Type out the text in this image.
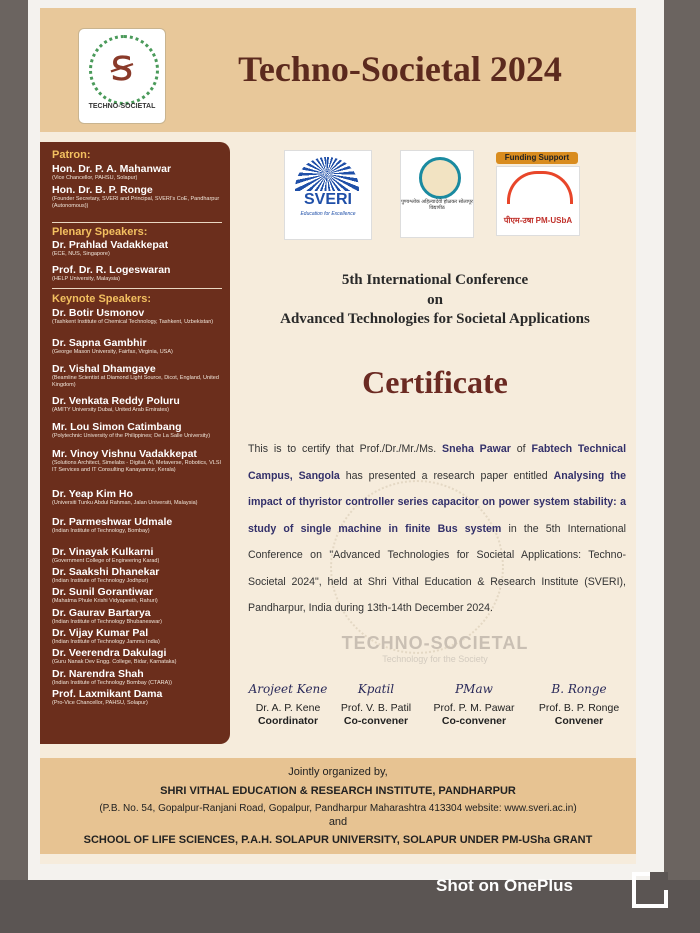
ꞩ
TECHNO-SOCIETAL
Techno-Societal 2024
Patron:
Hon. Dr. P. A. Mahanwar
(Vice Chancellor, PAHSU, Solapur)
Hon. Dr. B. P. Ronge
(Founder Secretary, SVERI and Principal, SVERI's CoE, Pandharpur (Autonomous))
Plenary Speakers:
Dr. Prahlad Vadakkepat
(ECE, NUS, Singapore)
Prof. Dr. R. Logeswaran
(HELP University, Malaysia)
Keynote Speakers:
Dr. Botir Usmonov
(Tashkent Institute of Chemical Technology, Tashkent, Uzbekistan)
Dr. Sapna Gambhir
(George Mason University, Fairfax, Virginia, USA)
Dr. Vishal Dhamgaye
(Beamline Scientist at Diamond Light Source, Dicot, England, United Kingdom)
Dr. Venkata Reddy Poluru
(AMITY University Dubai, United Arab Emirates)
Mr. Lou Simon Catimbang
(Polytechnic University of the Philippines; De La Salle University)
Mr. Vinoy Vishnu Vadakkepat
(Solutions Architect, Simelabs - Digital, AI, Metaverse, Robotics, VLSI IT Services and IT Consulting Kanayannur, Kerala)
Dr. Yeap Kim Ho
(Universiti Tunku Abdul Rahman, Jalan Universiti, Malaysia)
Dr. Parmeshwar Udmale
(Indian Institute of Technology, Bombay)
Dr. Vinayak Kulkarni
(Government College of Engineering Karad)
Dr. Saakshi Dhanekar
(Indian Institute of Technology Jodhpur)
Dr. Sunil Gorantiwar
(Mahatma Phule Krishi Vidyapeeth, Rahuri)
Dr. Gaurav Bartarya
(Indian Institute of Technology Bhubaneswar)
Dr. Vijay Kumar Pal
(Indian Institute of Technology Jammu India)
Dr. Veerendra Dakulagi
(Guru Nanak Dev Engg. College, Bidar, Karnataka)
Dr. Narendra Shah
(Indian Institute of Technology Bombay (CTARA))
Prof. Laxmikant Dama
(Pro-Vice Chancellor, PAHSU, Solapur)
SVERI
Education for Excellence
पुण्यश्लोक अहिल्यादेवी होळकर सोलापूर विद्यापीठ
Funding Support
पीएम-उषा PM-USbA
5th International Conference
on
Advanced Technologies for Societal Applications
Certificate
TECHNO-SOCIETAL
Technology for the Society
This is to certify that Prof./Dr./Mr./Ms. Sneha Pawar of Fabtech Technical Campus, Sangola has presented a research paper entitled Analysing the impact of thyristor controller series capacitor on power system stability: a study of single machine in finite Bus system in the 5th International Conference on "Advanced Technologies for Societal Applications: Techno-Societal 2024", held at Shri Vithal Education & Research Institute (SVERI), Pandharpur, India during 13th-14th December 2024.
Arojeet Kene
Dr. A. P. Kene
Coordinator
Kpatil
Prof. V. B. Patil
Co-convener
PMaw
Prof. P. M. Pawar
Co-convener
B. Ronge
Prof. B. P. Ronge
Convener
Jointly organized by,
SHRI VITHAL EDUCATION & RESEARCH INSTITUTE, PANDHARPUR
(P.B. No. 54, Gopalpur-Ranjani Road, Gopalpur, Pandharpur Maharashtra 413304 website: www.sveri.ac.in)
and
SCHOOL OF LIFE SCIENCES, P.A.H. SOLAPUR UNIVERSITY, SOLAPUR UNDER PM-USha GRANT
Shot on OnePlus
